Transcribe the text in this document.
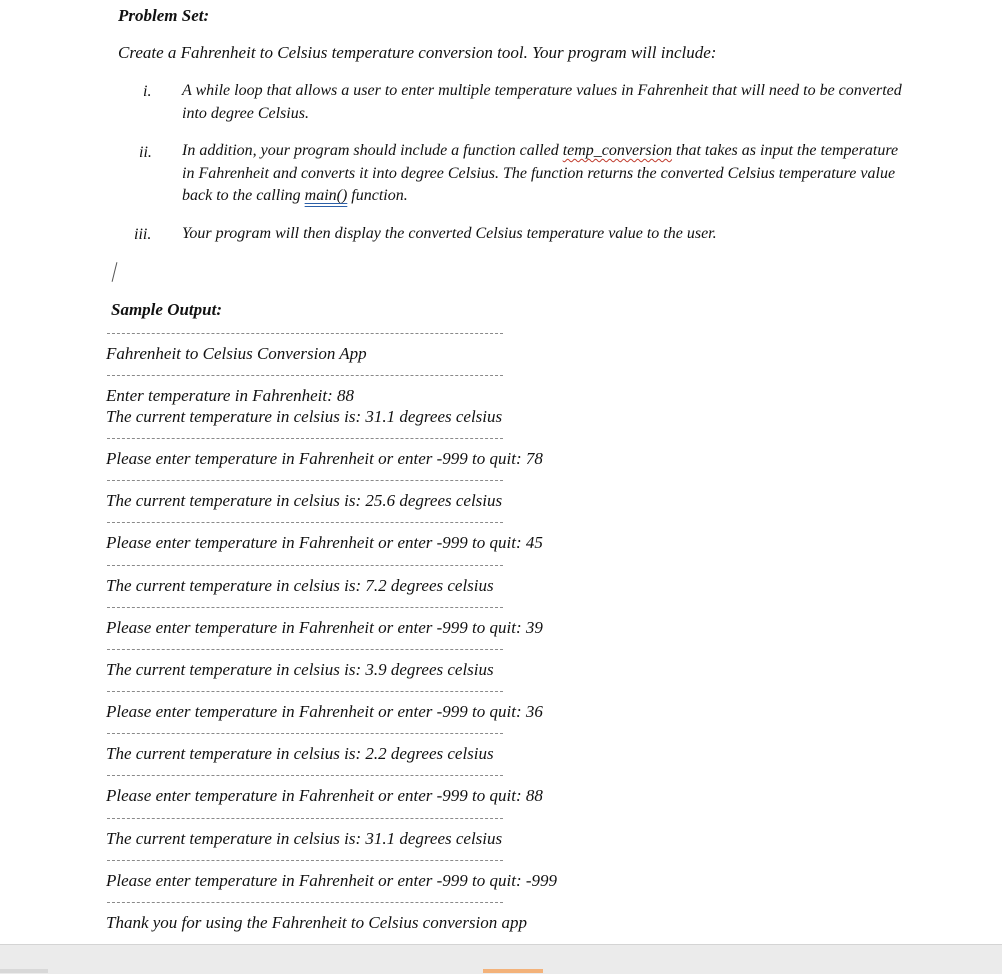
Problem Set:
Create a Fahrenheit to Celsius temperature conversion tool. Your program will include:
i. A while loop that allows a user to enter multiple temperature values in Fahrenheit that will need to be converted into degree Celsius.
ii. In addition, your program should include a function called temp_conversion that takes as input the temperature in Fahrenheit and converts it into degree Celsius. The function returns the converted Celsius temperature value back to the calling main() function.
iii. Your program will then display the converted Celsius temperature value to the user.
Sample Output:
Fahrenheit to Celsius Conversion App
Enter temperature in Fahrenheit: 88
The current temperature in celsius is: 31.1 degrees celsius
Please enter temperature in Fahrenheit or enter -999 to quit: 78
The current temperature in celsius is: 25.6 degrees celsius
Please enter temperature in Fahrenheit or enter -999 to quit: 45
The current temperature in celsius is: 7.2 degrees celsius
Please enter temperature in Fahrenheit or enter -999 to quit: 39
The current temperature in celsius is: 3.9 degrees celsius
Please enter temperature in Fahrenheit or enter -999 to quit: 36
The current temperature in celsius is: 2.2 degrees celsius
Please enter temperature in Fahrenheit or enter -999 to quit: 88
The current temperature in celsius is: 31.1 degrees celsius
Please enter temperature in Fahrenheit or enter -999 to quit: -999
Thank you for using the Fahrenheit to Celsius conversion app
